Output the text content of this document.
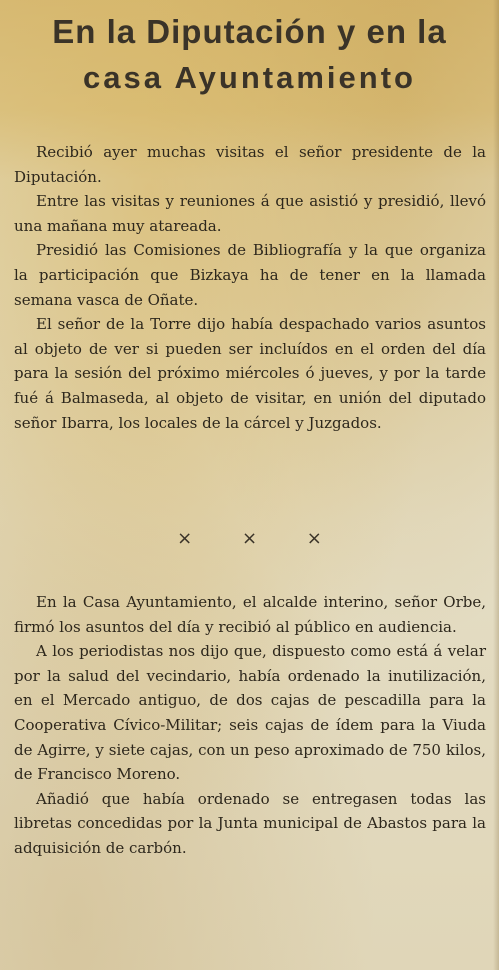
En la Diputación y en la
casa Ayuntamiento

Recibió ayer muchas visitas el señor presidente de la Diputación.

Entre las visitas y reuniones á que asistió y presidió, llevó una mañana muy atareada.

Presidió las Comisiones de Bibliografía y la que organiza la participación que Bizkaya ha de tener en la llamada semana vasca de Oñate.

El señor de la Torre dijo había despachado varios asuntos al objeto de ver si pueden ser incluídos en el orden del día para la sesión del próximo miércoles ó jueves, y por la tarde fué á Balmaseda, al objeto de visitar, en unión del diputado señor Ibarra, los locales de la cárcel y Juzgados.

×	×	×

En la Casa Ayuntamiento, el alcalde interino, señor Orbe, firmó los asuntos del día y recibió al público en audiencia.

A los periodistas nos dijo que, dispuesto como está á velar por la salud del vecindario, había ordenado la inutilización, en el Mercado antiguo, de dos cajas de pescadilla para la Cooperativa Cívico-Militar; seis cajas de ídem para la Viuda de Agirre, y siete cajas, con un peso aproximado de 750 kilos, de Francisco Moreno.

Añadió que había ordenado se entregasen todas las libretas concedidas por la Junta municipal de Abastos para la adquisición de carbón.
